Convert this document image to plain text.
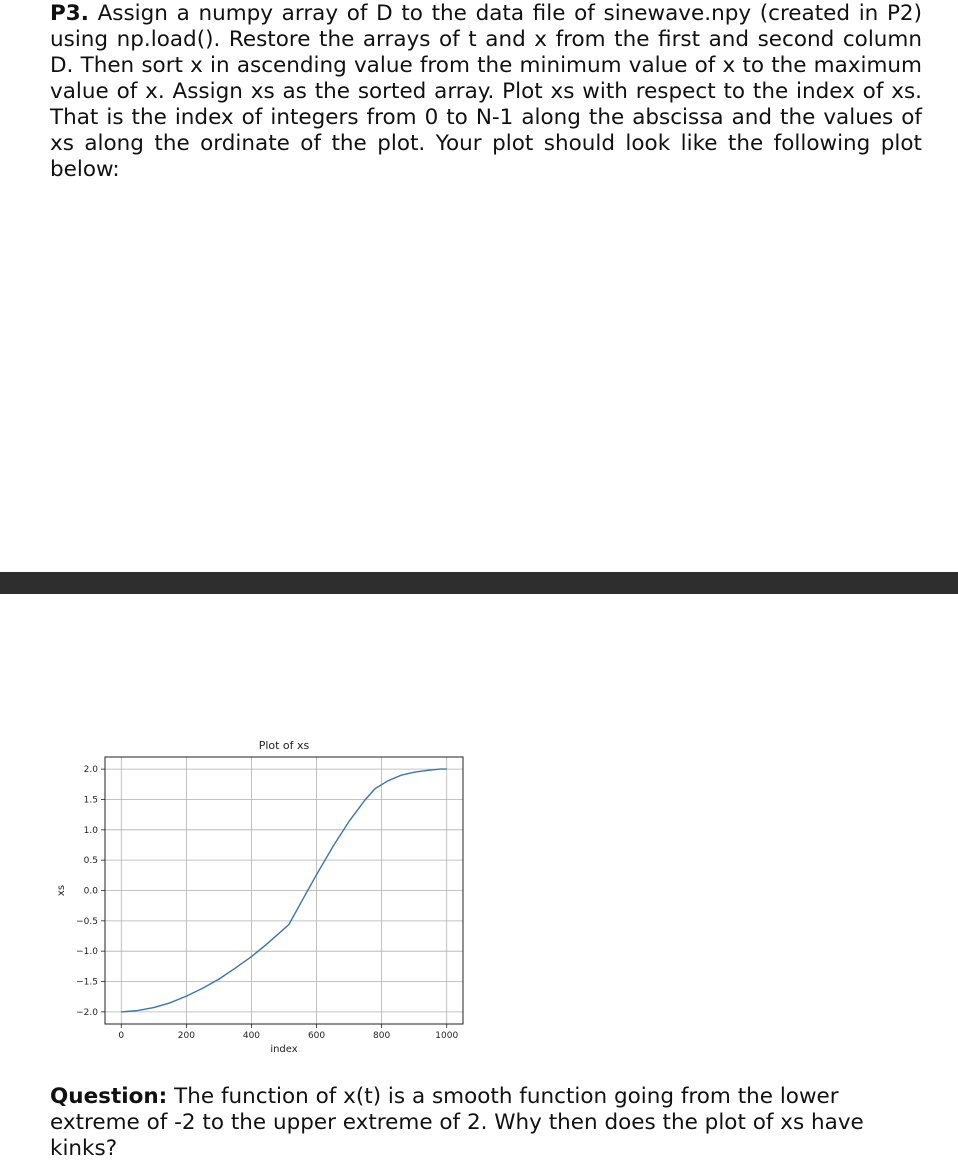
P3. Assign a numpy array of D to the data file of sinewave.npy (created in P2) using np.load(). Restore the arrays of t and x from the first and second column D. Then sort x in ascending value from the minimum value of x to the maximum value of x. Assign xs as the sorted array. Plot xs with respect to the index of xs. That is the index of integers from 0 to N-1 along the abscissa and the values of xs along the ordinate of the plot. Your plot should look like the following plot below:

0	200	400	600	800	1000
−2.0
−1.5
−1.0
−0.5
0.0
0.5
1.0
1.5
2.0
Plot of xs
index
xs

Question: The function of x(t) is a smooth function going from the lower extreme of -2 to the upper extreme of 2. Why then does the plot of xs have kinks?
